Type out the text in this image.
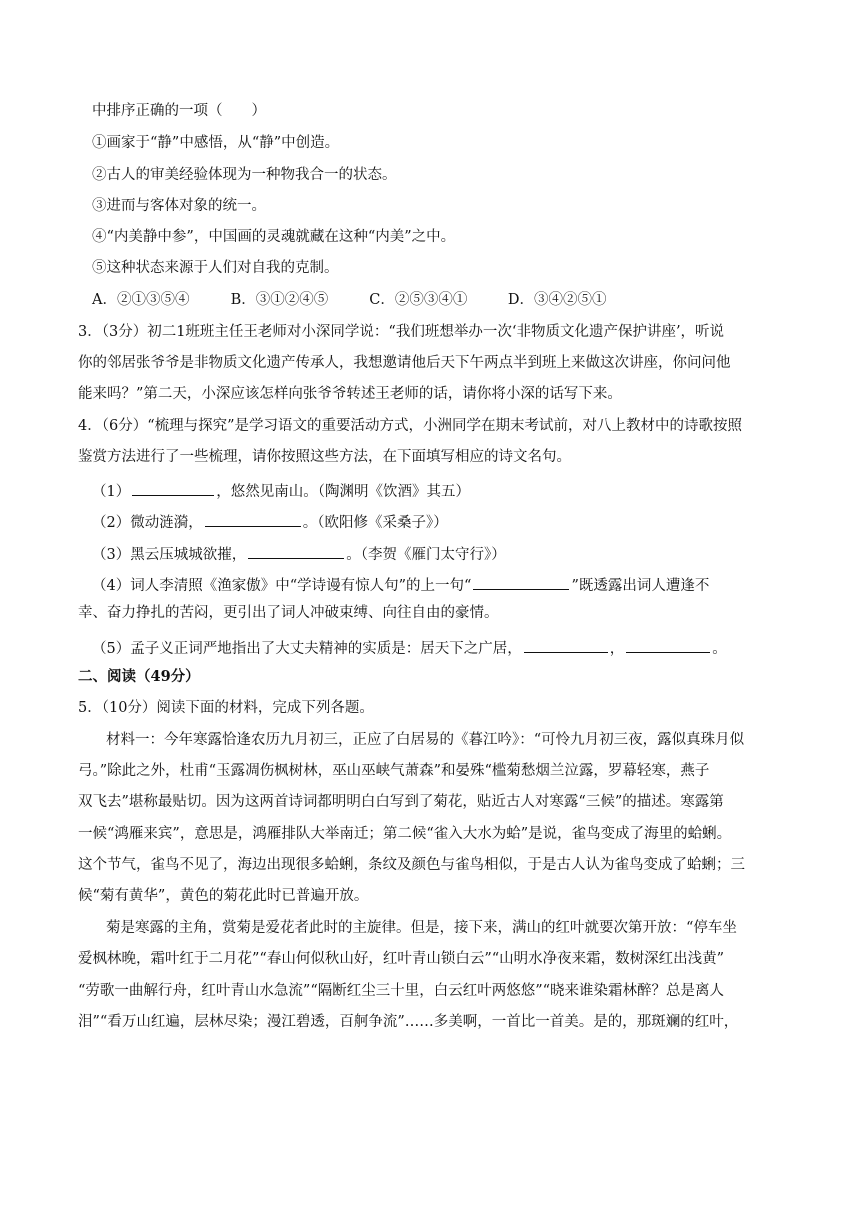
中排序正确的一项（　　）
①画家于“静”中感悟，从“静”中创造。
②古人的审美经验体现为一种物我合一的状态。
③进而与客体对象的统一。
④“内美静中参”，中国画的灵魂就藏在这种“内美”之中。
⑤这种状态来源于人们对自我的克制。
A．②①③⑤④	B．③①②④⑤	C．②⑤③④①	D．③④②⑤①
3．（3分）初二1班班主任王老师对小深同学说：“我们班想举办一次‘非物质文化遗产保护讲座’，听说
你的邻居张爷爷是非物质文化遗产传承人，我想邀请他后天下午两点半到班上来做这次讲座，你问问他
能来吗？”第二天，小深应该怎样向张爷爷转述王老师的话，请你将小深的话写下来。
4．（6分）“梳理与探究”是学习语文的重要活动方式，小洲同学在期末考试前，对八上教材中的诗歌按照
鉴赏方法进行了一些梳理，请你按照这些方法，在下面填写相应的诗文名句。
（1）	，悠然见南山。（陶渊明《饮酒》其五）
（2）微动涟漪，	。（欧阳修《采桑子》）
（3）黑云压城城欲摧，	。（李贺《雁门太守行》）
（4）词人李清照《渔家傲》中“学诗谩有惊人句”的上一句“	”既透露出词人遭逢不
幸、奋力挣扎的苦闷，更引出了词人冲破束缚、向往自由的豪情。
（5）孟子义正词严地指出了大丈夫精神的实质是：居天下之广居，	，	。
二、阅读（49分）
5．（10分）阅读下面的材料，完成下列各题。
材料一：今年寒露恰逢农历九月初三，正应了白居易的《暮江吟》：“可怜九月初三夜，露似真珠月似
弓。”除此之外，杜甫“玉露凋伤枫树林，巫山巫峡气萧森”和晏殊“槛菊愁烟兰泣露，罗幕轻寒，燕子
双飞去”堪称最贴切。因为这两首诗词都明明白白写到了菊花，贴近古人对寒露“三候”的描述。寒露第
一候“鸿雁来宾”，意思是，鸿雁排队大举南迁；第二候“雀入大水为蛤”是说，雀鸟变成了海里的蛤蜊。
这个节气，雀鸟不见了，海边出现很多蛤蜊，条纹及颜色与雀鸟相似，于是古人认为雀鸟变成了蛤蜊；三
候“菊有黄华”，黄色的菊花此时已普遍开放。
菊是寒露的主角，赏菊是爱花者此时的主旋律。但是，接下来，满山的红叶就要次第开放：“停车坐
爱枫林晚，霜叶红于二月花”“春山何似秋山好，红叶青山锁白云”“山明水净夜来霜，数树深红出浅黄”
“劳歌一曲解行舟，红叶青山水急流”“隔断红尘三十里，白云红叶两悠悠”“晓来谁染霜林醉？总是离人
泪”“看万山红遍，层林尽染；漫江碧透，百舸争流”……多美啊，一首比一首美。是的，那斑斓的红叶，
